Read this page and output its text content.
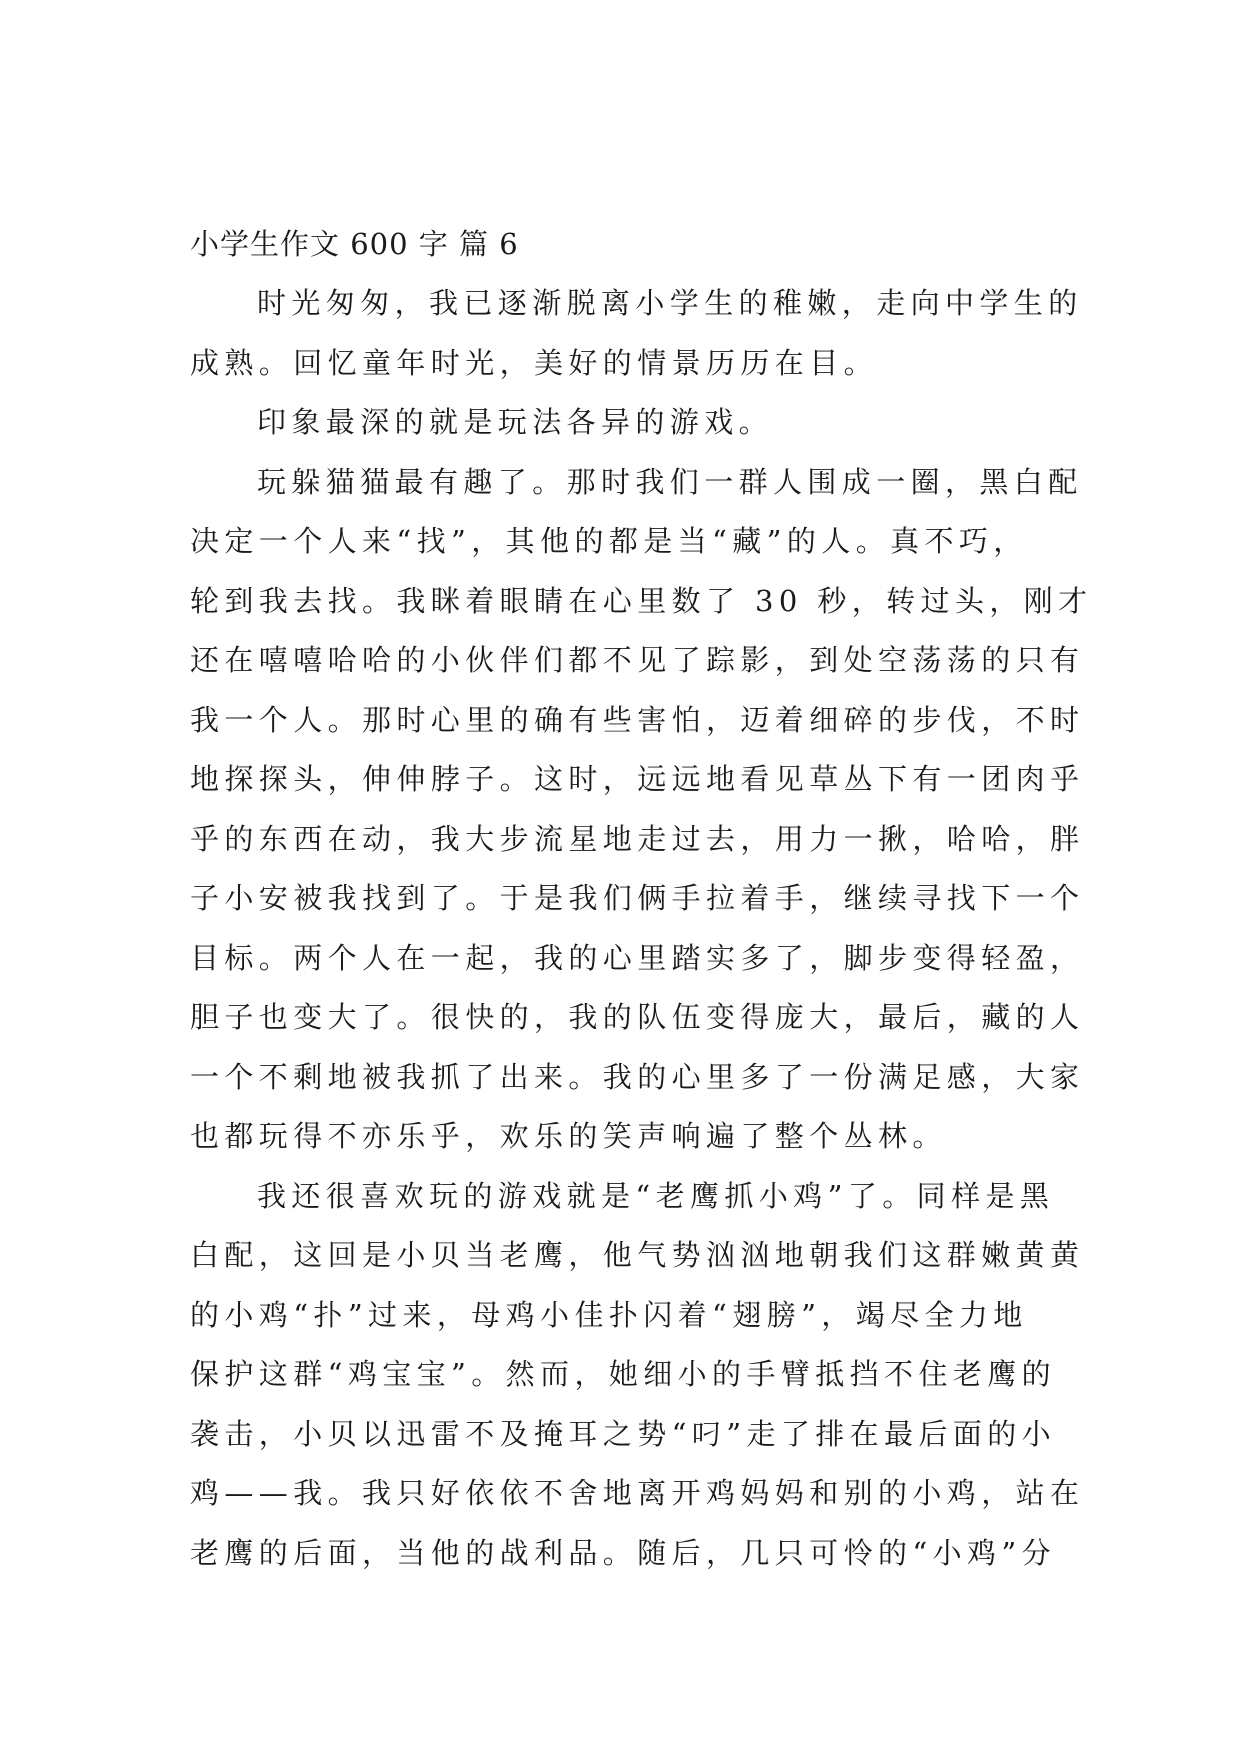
小学生作文 600 字 篇 6
时光匆匆，我已逐渐脱离小学生的稚嫩，走向中学生的
成熟。回忆童年时光，美好的情景历历在目。
印象最深的就是玩法各异的游戏。
玩躲猫猫最有趣了。那时我们一群人围成一圈，黑白配
决定一个人来“找”，其他的都是当“藏”的人。真不巧，
轮到我去找。我眯着眼睛在心里数了 30 秒，转过头，刚才
还在嘻嘻哈哈的小伙伴们都不见了踪影，到处空荡荡的只有
我一个人。那时心里的确有些害怕，迈着细碎的步伐，不时
地探探头，伸伸脖子。这时，远远地看见草丛下有一团肉乎
乎的东西在动，我大步流星地走过去，用力一揪，哈哈，胖
子小安被我找到了。于是我们俩手拉着手，继续寻找下一个
目标。两个人在一起，我的心里踏实多了，脚步变得轻盈，
胆子也变大了。很快的，我的队伍变得庞大，最后，藏的人
一个不剩地被我抓了出来。我的心里多了一份满足感，大家
也都玩得不亦乐乎，欢乐的笑声响遍了整个丛林。
我还很喜欢玩的游戏就是“老鹰抓小鸡”了。同样是黑
白配，这回是小贝当老鹰，他气势汹汹地朝我们这群嫩黄黄
的小鸡“扑”过来，母鸡小佳扑闪着“翅膀”，竭尽全力地
保护这群“鸡宝宝”。然而，她细小的手臂抵挡不住老鹰的
袭击，小贝以迅雷不及掩耳之势“叼”走了排在最后面的小
鸡——我。我只好依依不舍地离开鸡妈妈和别的小鸡，站在
老鹰的后面，当他的战利品。随后，几只可怜的“小鸡”分
